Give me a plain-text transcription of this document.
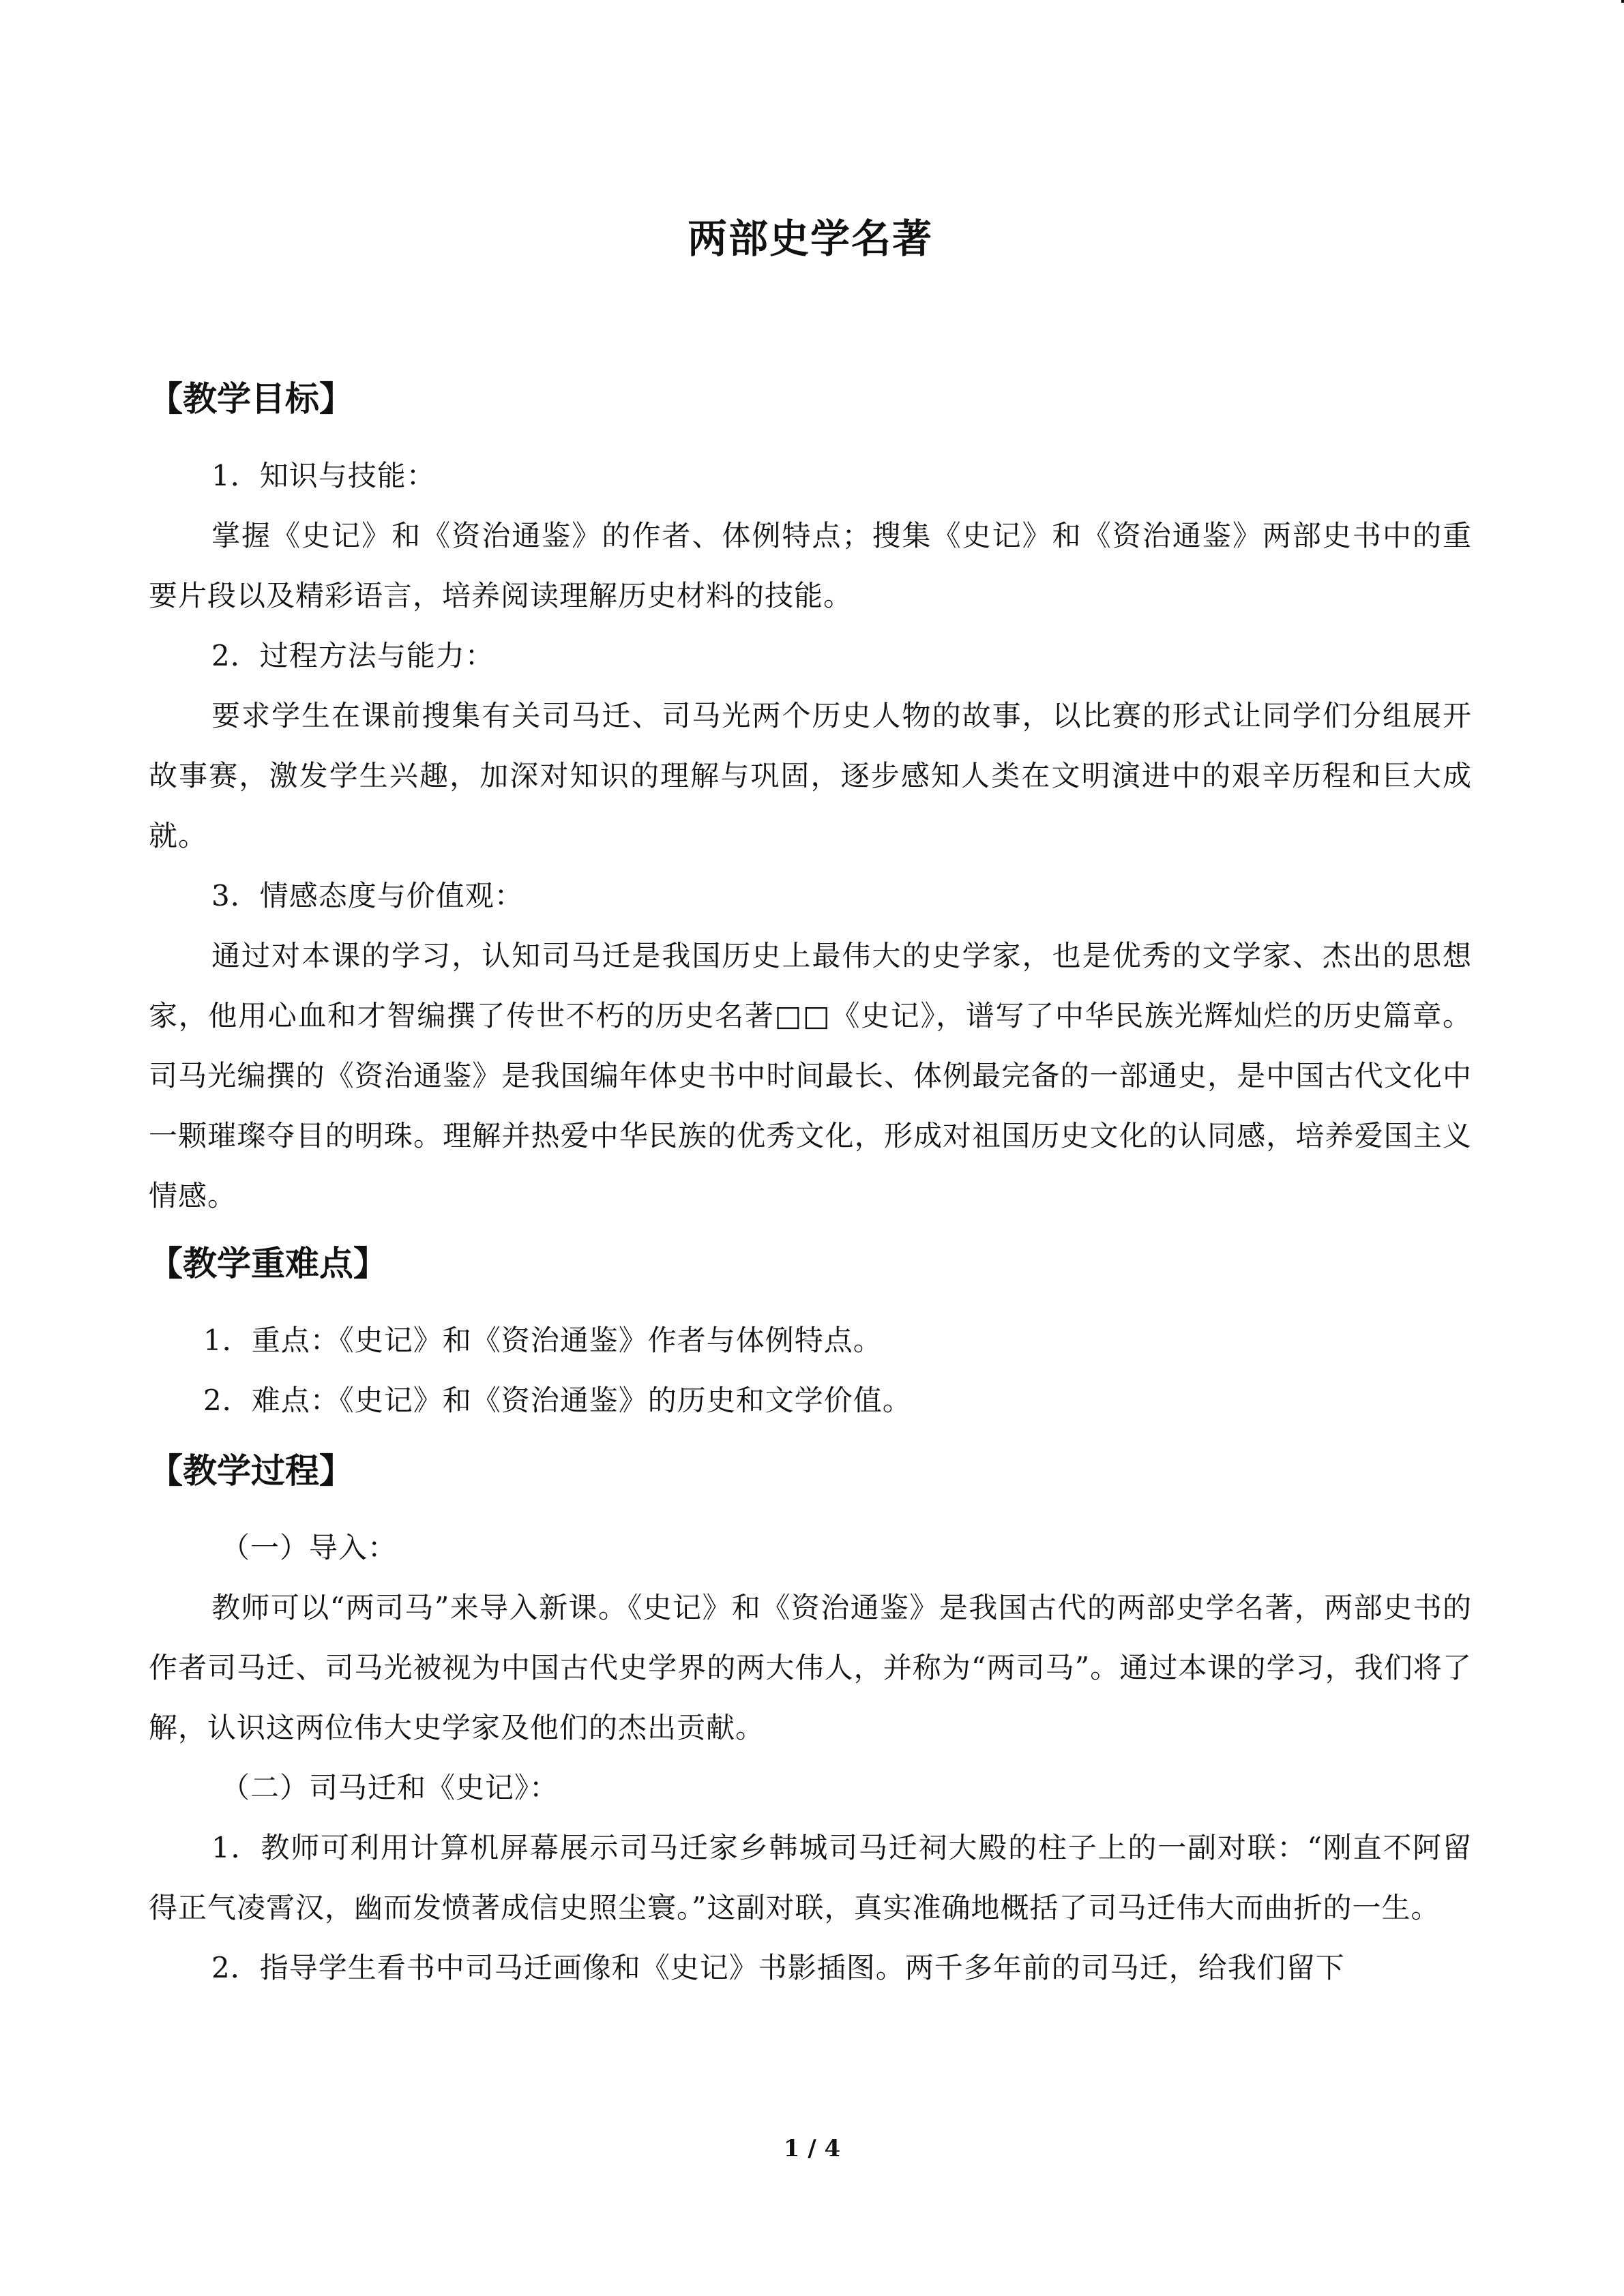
两部史学名著
【教学目标】

1．知识与技能：

掌握《史记》和《资治通鉴》的作者、体例特点；搜集《史记》和《资治通鉴》两部史书中的重要片段以及精彩语言，培养阅读理解历史材料的技能。

2．过程方法与能力：

要求学生在课前搜集有关司马迁、司马光两个历史人物的故事，以比赛的形式让同学们分组展开故事赛，激发学生兴趣，加深对知识的理解与巩固，逐步感知人类在文明演进中的艰辛历程和巨大成就。

3．情感态度与价值观：

通过对本课的学习，认知司马迁是我国历史上最伟大的史学家，也是优秀的文学家、杰出的思想家，他用心血和才智编撰了传世不朽的历史名著□□《史记》，谱写了中华民族光辉灿烂的历史篇章。司马光编撰的《资治通鉴》是我国编年体史书中时间最长、体例最完备的一部通史，是中国古代文化中一颗璀璨夺目的明珠。理解并热爱中华民族的优秀文化，形成对祖国历史文化的认同感，培养爱国主义情感。

【教学重难点】

1．重点：《史记》和《资治通鉴》作者与体例特点。

2．难点：《史记》和《资治通鉴》的历史和文学价值。

【教学过程】

（一）导入：

教师可以“两司马”来导入新课。《史记》和《资治通鉴》是我国古代的两部史学名著，两部史书的作者司马迁、司马光被视为中国古代史学界的两大伟人，并称为“两司马”。通过本课的学习，我们将了解，认识这两位伟大史学家及他们的杰出贡献。

（二）司马迁和《史记》：

1．教师可利用计算机屏幕展示司马迁家乡韩城司马迁祠大殿的柱子上的一副对联：“刚直不阿留得正气凌霄汉，幽而发愤著成信史照尘寰。”这副对联，真实准确地概括了司马迁伟大而曲折的一生。

2．指导学生看书中司马迁画像和《史记》书影插图。两千多年前的司马迁，给我们留下

1 / 4
